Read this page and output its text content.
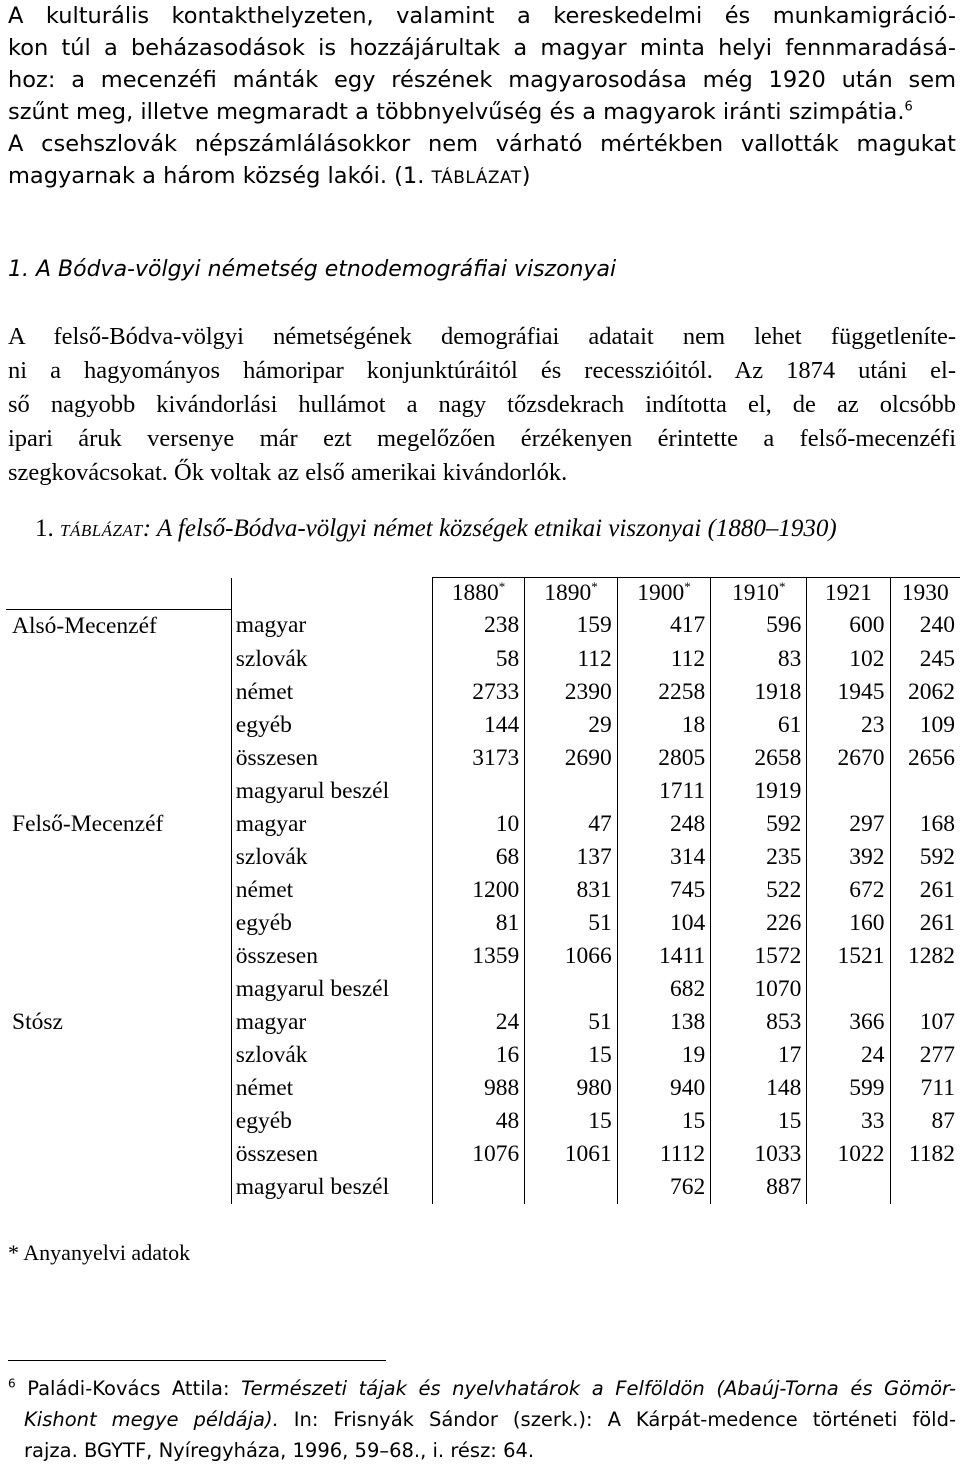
A kulturális kontakthelyzeten, valamint a kereskedelmi és munkamigráció-
kon túl a beházasodások is hozzájárultak a magyar minta helyi fennmaradásá-
hoz: a mecenzéfi mánták egy részének magyarosodása még 1920 után sem
szűnt meg, illetve megmaradt a többnyelvűség és a magyarok iránti szimpátia.$^6$
A csehszlovák népszámlálásokkor nem várható mértékben vallották magukat
magyarnak a három község lakói. (1. TÁBLÁZAT)

1. A Bódva-völgyi németség etnodemográfiai viszonyai

A felső-Bódva-völgyi németségének demográfiai adatait nem lehet függetleníte-
ni a hagyományos hámoripar konjunktúráitól és recesszióitól. Az 1874 utáni el-
ső nagyobb kivándorlási hullámot a nagy tőzsdekrach indította el, de az olcsóbb
ipari áruk versenye már ezt megelőzően érzékenyen érintette a felső-mecenzéfi
szegkovácsokat. Ők voltak az első amerikai kivándorlók.
1. TÁBLÁZAT: A felső-Bódva-völgyi német községek etnikai viszonyai (1880–1930)
		1880*	1890*	1900*	1910*	1921	1930
Alsó-Mecenzéf	magyar	238	159	417	596	600	240
	szlovák	58	112	112	83	102	245
	német	2733	2390	2258	1918	1945	2062
	egyéb	144	29	18	61	23	109
	összesen	3173	2690	2805	2658	2670	2656
	magyarul beszél			1711	1919		
Felső-Mecenzéf	magyar	10	47	248	592	297	168
	szlovák	68	137	314	235	392	592
	német	1200	831	745	522	672	261
	egyéb	81	51	104	226	160	261
	összesen	1359	1066	1411	1572	1521	1282
	magyarul beszél			682	1070		
Stósz	magyar	24	51	138	853	366	107
	szlovák	16	15	19	17	24	277
	német	988	980	940	148	599	711
	egyéb	48	15	15	15	33	87
	összesen	1076	1061	1112	1033	1022	1182
	magyarul beszél			762	887		
* Anyanyelvi adatok
$^6$ Paládi-Kovács Attila: Természeti tájak és nyelvhatárok a Felföldön (Abaúj-Torna és Gömör-
Kishont megye példája). In: Frisnyák Sándor (szerk.): A Kárpát-medence történeti föld-
rajza. BGYTF, Nyíregyháza, 1996, 59–68., i. rész: 64.
